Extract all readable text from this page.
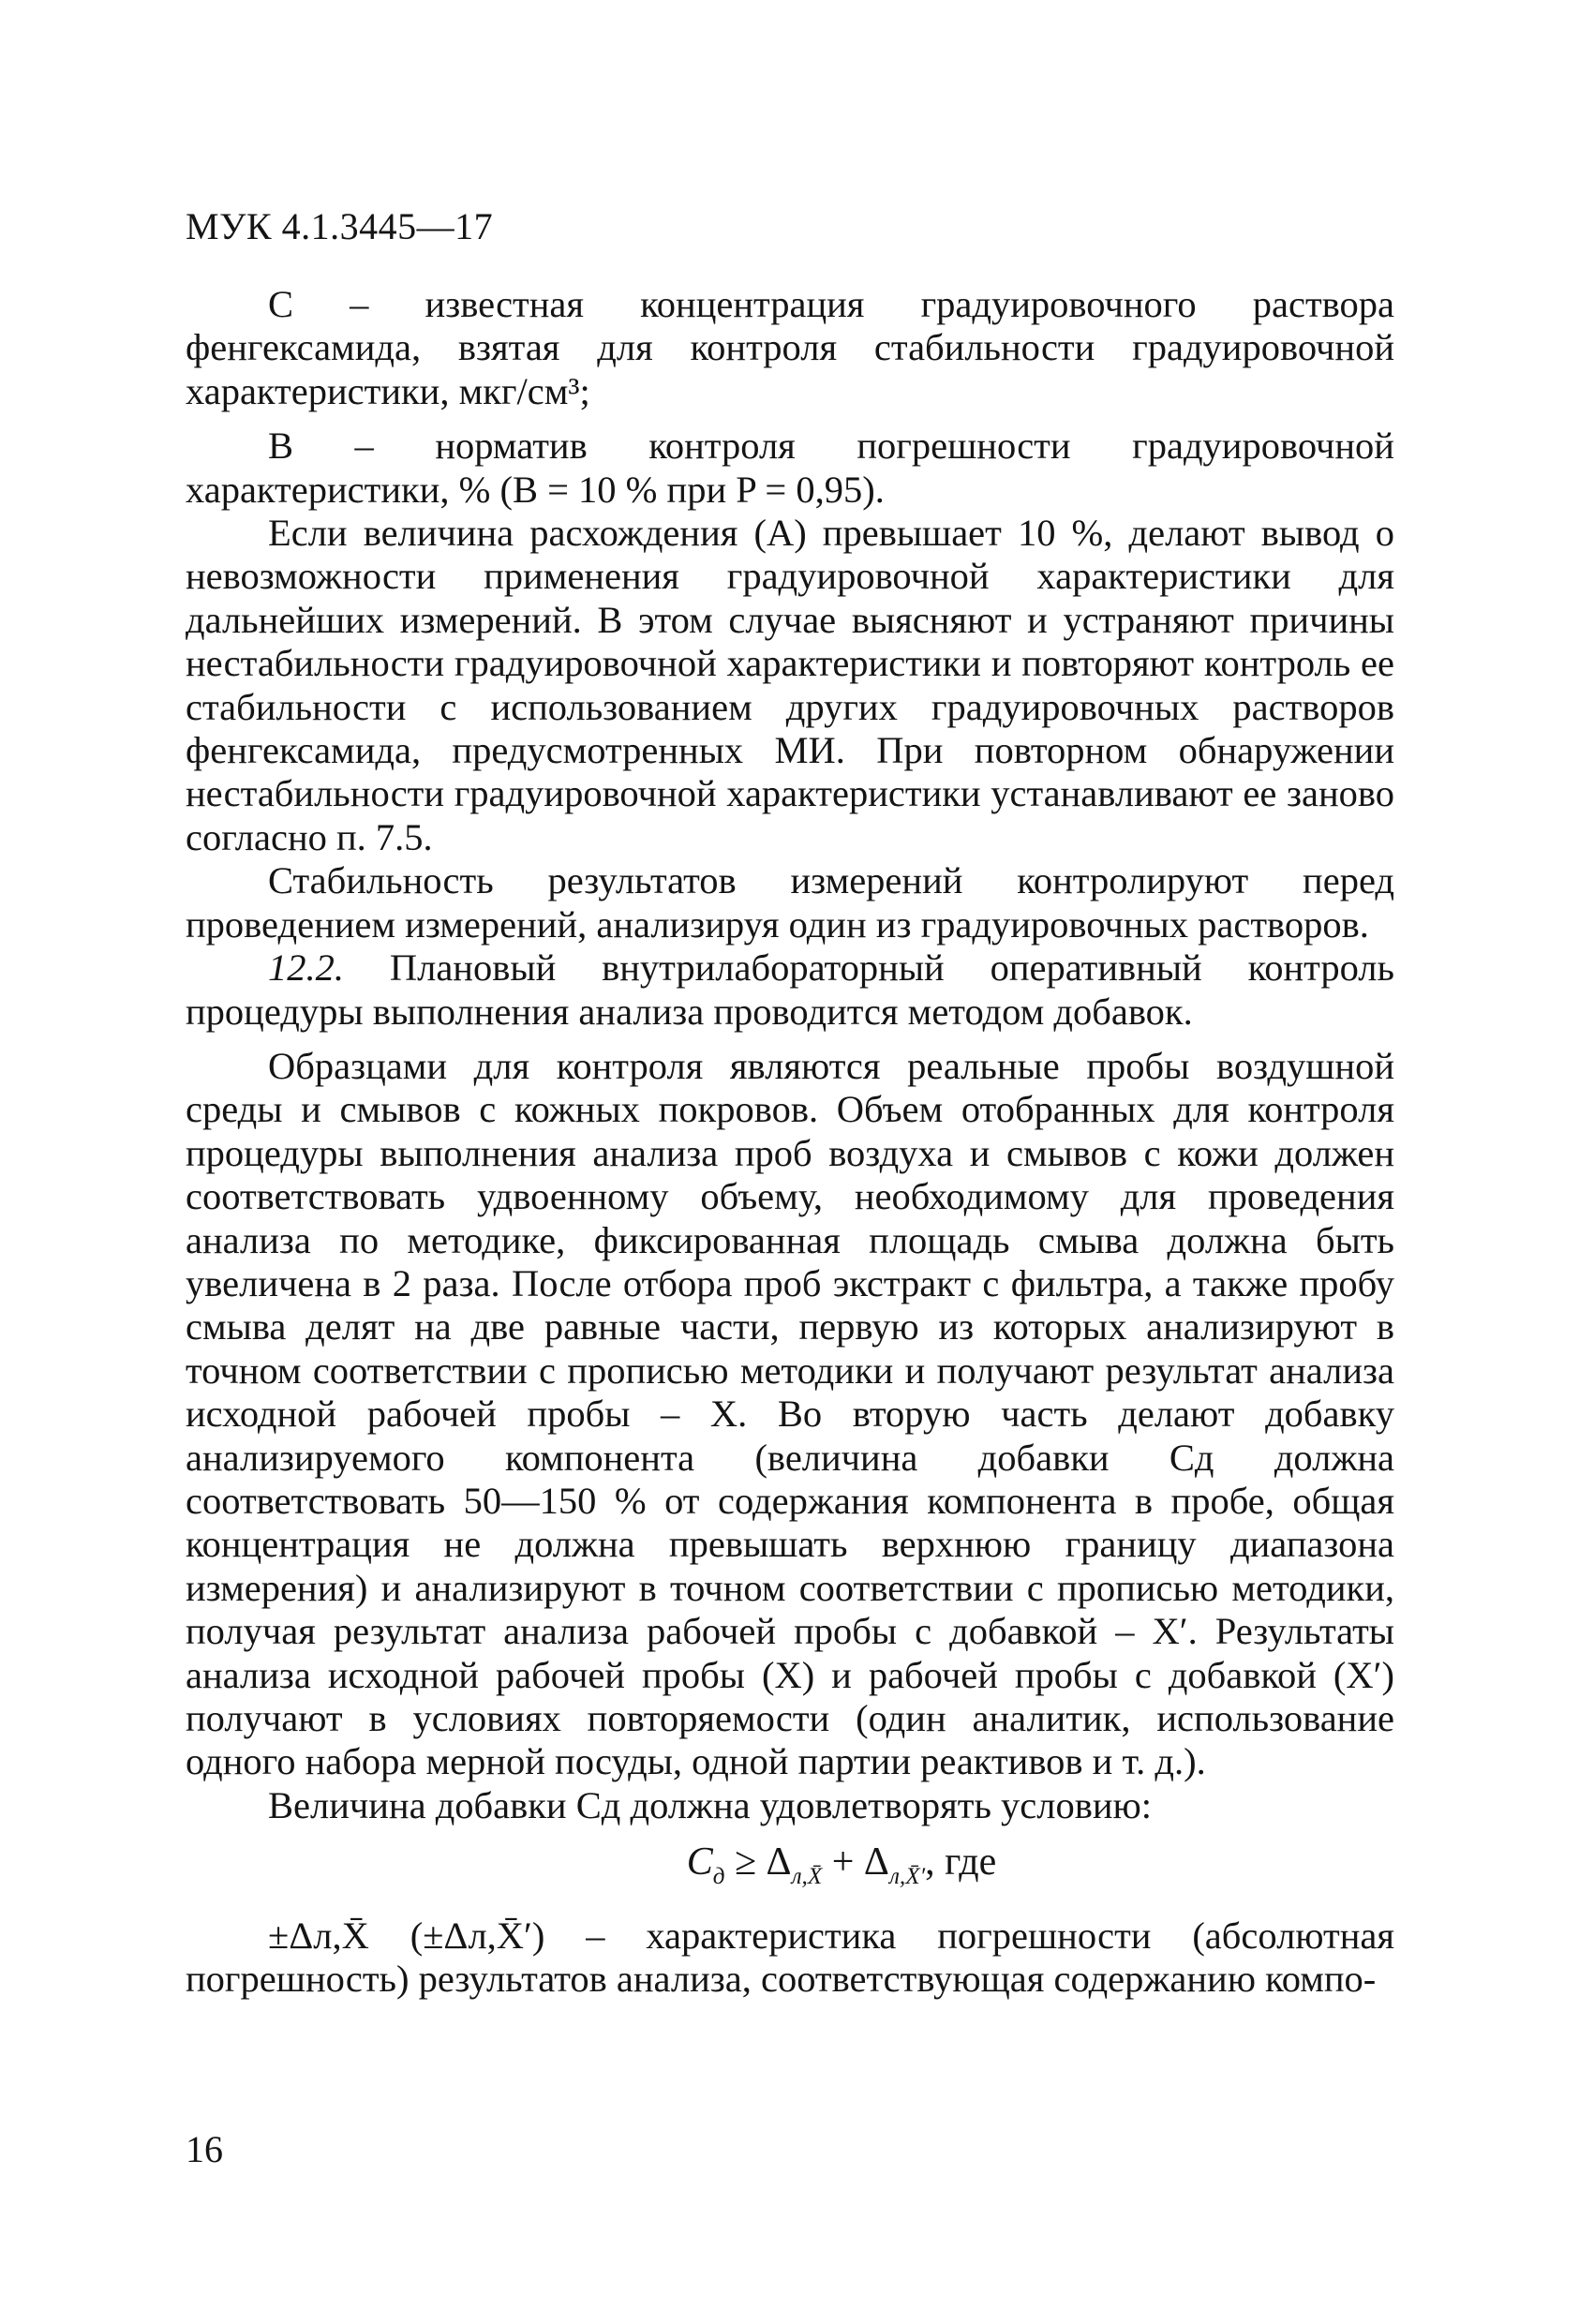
МУК 4.1.3445—17

C – известная концентрация градуировочного раствора фенгексамида, взятая для контроля стабильности градуировочной характеристики, мкг/см³;

B – норматив контроля погрешности градуировочной характеристики, % (B = 10 % при P = 0,95).

Если величина расхождения (A) превышает 10 %, делают вывод о невозможности применения градуировочной характеристики для дальнейших измерений. В этом случае выясняют и устраняют причины нестабильности градуировочной характеристики и повторяют контроль ее стабильности с использованием других градуировочных растворов фенгексамида, предусмотренных МИ. При повторном обнаружении нестабильности градуировочной характеристики устанавливают ее заново согласно п. 7.5.

Стабильность результатов измерений контролируют перед проведением измерений, анализируя один из градуировочных растворов.

12.2. Плановый внутрилабораторный оперативный контроль процедуры выполнения анализа проводится методом добавок.

Образцами для контроля являются реальные пробы воздушной среды и смывов с кожных покровов. Объем отобранных для контроля процедуры выполнения анализа проб воздуха и смывов с кожи должен соответствовать удвоенному объему, необходимому для проведения анализа по методике, фиксированная площадь смыва должна быть увеличена в 2 раза. После отбора проб экстракт с фильтра, а также пробу смыва делят на две равные части, первую из которых анализируют в точном соответствии с прописью методики и получают результат анализа исходной рабочей пробы – X. Во вторую часть делают добавку анализируемого компонента (величина добавки Cд должна соответствовать 50—150 % от содержания компонента в пробе, общая концентрация не должна превышать верхнюю границу диапазона измерения) и анализируют в точном соответствии с прописью методики, получая результат анализа рабочей пробы с добавкой – X′. Результаты анализа исходной рабочей пробы (X) и рабочей пробы с добавкой (X′) получают в условиях повторяемости (один аналитик, использование одного набора мерной посуды, одной партии реактивов и т. д.).

Величина добавки Cд должна удовлетворять условию:

$C_д \ge \Delta_{л,X̄} + \Delta_{л,X̄'}$, где

±Δл,X̄ (±Δл,X̄′) – характеристика погрешности (абсолютная погрешность) результатов анализа, соответствующая содержанию компо-

16
